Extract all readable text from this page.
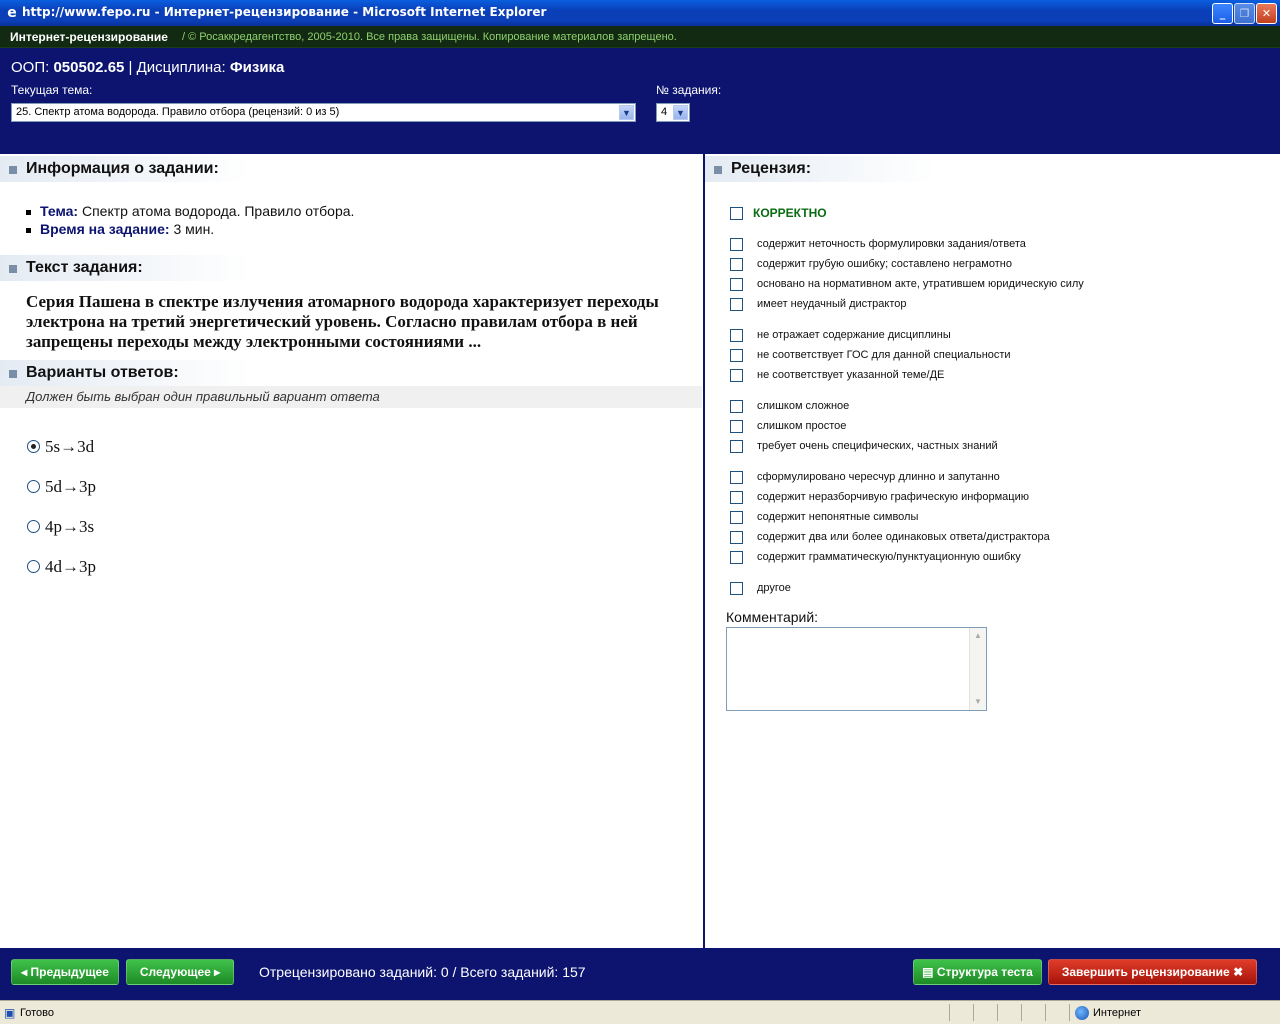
e http://www.fepo.ru - Интернет-рецензирование - Microsoft Internet Explorer	_	❐	✕
Интернет-рецензирование / © Росаккредагентство, 2005-2010. Все права защищены. Копирование материалов запрещено.
ООП: 050502.65 | Дисциплина: Физика
Текущая тема:
25. Спектр атома водорода. Правило отбора (рецензий: 0 из 5)	▼
№ задания:
4 ▼
Информация о задании:
Тема: Спектр атома водорода. Правило отбора.
Время на задание: 3 мин.
Текст задания:
Серия Пашена в спектре излучения атомарного водорода характеризует переходы электрона на третий энергетический уровень. Согласно правилам отбора в ней запрещены переходы между электронными состояниями ...
Варианты ответов:
Должен быть выбран один правильный вариант ответа
5s→3d
5d→3p
4p→3s
4d→3p
Рецензия:
КОРРЕКТНО
содержит неточность формулировки задания/ответа
содержит грубую ошибку; составлено неграмотно
основано на нормативном акте, утратившем юридическую силу
имеет неудачный дистрактор
не отражает содержание дисциплины
не соответствует ГОС для данной специальности
не соответствует указанной теме/ДЕ
слишком сложное
слишком простое
требует очень специфических, частных знаний
сформулировано чересчур длинно и запутанно
содержит неразборчивую графическую информацию
содержит непонятные символы
содержит два или более одинаковых ответа/дистрактора
содержит грамматическую/пунктуационную ошибку
другое
Комментарий:
▲
▼
◂ Предыдущее	Следующее ▸	Отрецензировано заданий: 0 / Всего заданий: 157	▤ Структура теста	Завершить рецензирование ✖
▣ Готово	Интернет
